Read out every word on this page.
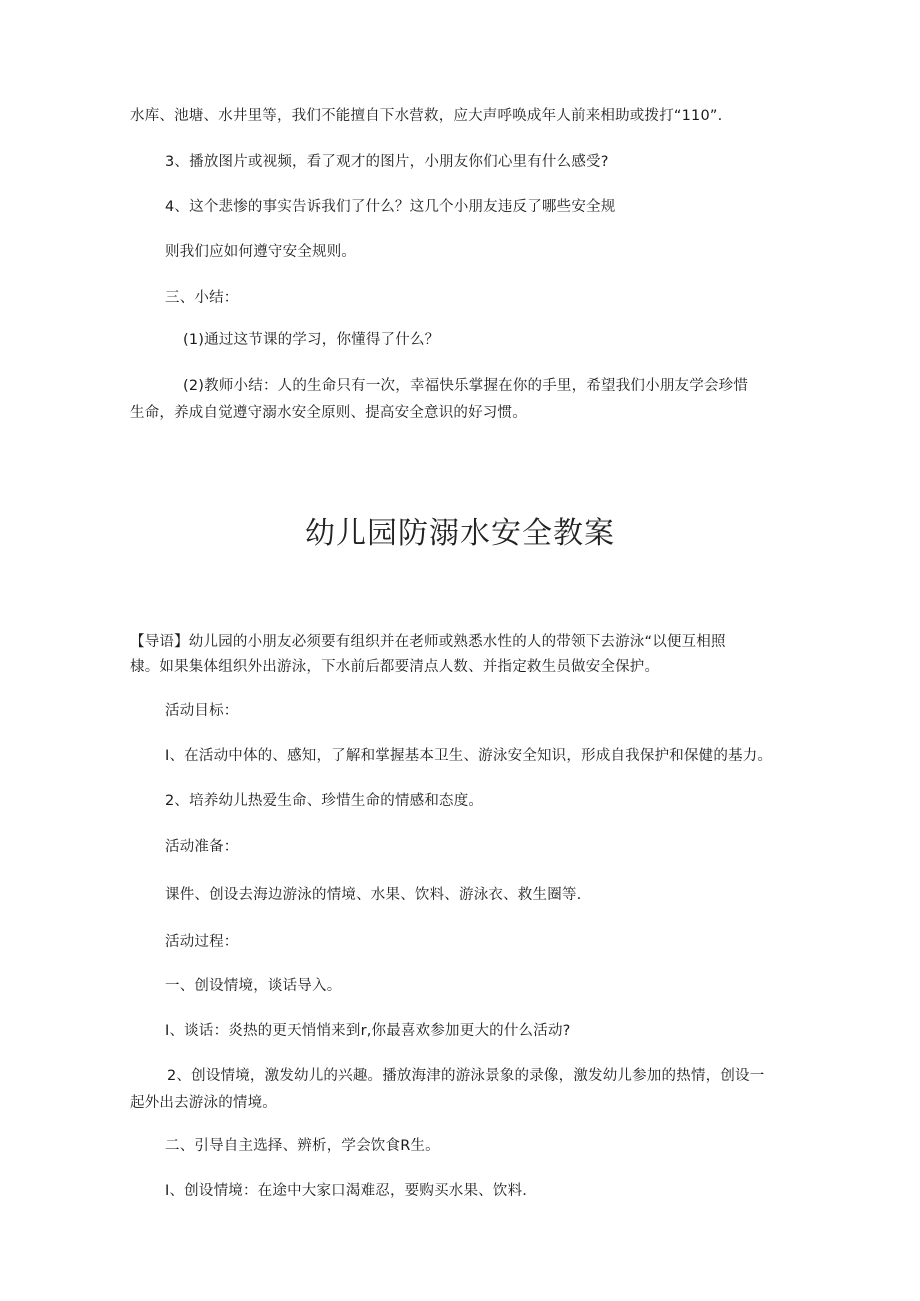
水库、池塘、水井里等，我们不能擅自下水营救，应大声呼唤成年人前来相助或拨打“110”.
3、播放图片或视频，看了观才的图片，小朋友你们心里有什么感受?
4、这个悲惨的事实告诉我们了什么？这几个小朋友违反了哪些安全规
则我们应如何遵守安全规则。
三、小结：
(1)通过这节课的学习，你懂得了什么？
(2)教师小结：人的生命只有一次，幸福快乐掌握在你的手里，希望我们小朋友学会珍惜
生命，养成自觉遵守溺水安全原则、提高安全意识的好习惯。
幼儿园防溺水安全教案
【导语】幼儿园的小朋友必须要有组织并在老师或熟悉水性的人的带领下去游泳“以便互相照
棣。如果集体组织外出游泳，下水前后都要清点人数、并指定救生员做安全保护。
活动目标：
I、在活动中体的、感知，了解和掌握基本卫生、游泳安全知识，形成自我保护和保健的基力。
2、培养幼儿热爱生命、珍惜生命的情感和态度。
活动准备：
课件、创设去海边游泳的情境、水果、饮料、游泳衣、救生圈等.
活动过程：
一、创设情境，谈话导入。
I、谈话：炎热的更天悄悄来到r,你最喜欢参加更大的什么活动?
2、创设情境，激发幼儿的兴趣。播放海津的游泳景象的录像，激发幼儿参加的热情，创设一
起外出去游泳的情境。
二、引导自主选择、辨析，学会饮食R生。
I、创设情境：在途中大家口渴难忍，要购买水果、饮料.
